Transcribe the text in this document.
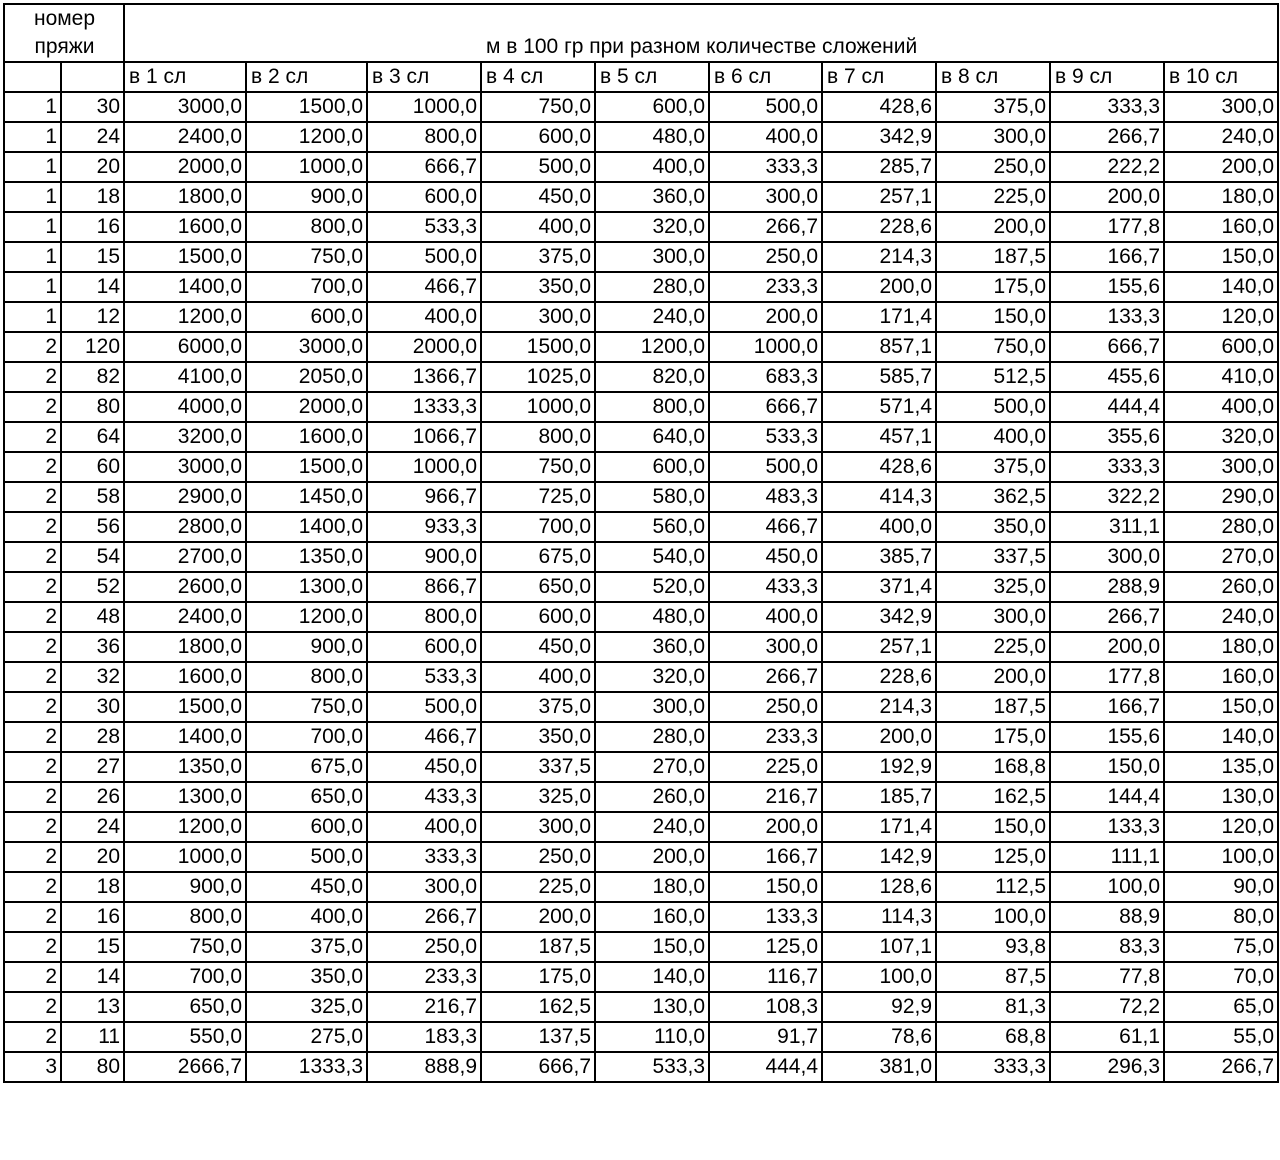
номер
пряжи		м в 100 гр при разном количестве сложений									
		в 1 сл	в 2 сл	в 3 сл	в 4 сл	в 5 сл	в 6 сл	в 7 сл	в 8 сл	в 9 сл	в 10 сл
1	30	3000,0	1500,0	1000,0	750,0	600,0	500,0	428,6	375,0	333,3	300,0
1	24	2400,0	1200,0	800,0	600,0	480,0	400,0	342,9	300,0	266,7	240,0
1	20	2000,0	1000,0	666,7	500,0	400,0	333,3	285,7	250,0	222,2	200,0
1	18	1800,0	900,0	600,0	450,0	360,0	300,0	257,1	225,0	200,0	180,0
1	16	1600,0	800,0	533,3	400,0	320,0	266,7	228,6	200,0	177,8	160,0
1	15	1500,0	750,0	500,0	375,0	300,0	250,0	214,3	187,5	166,7	150,0
1	14	1400,0	700,0	466,7	350,0	280,0	233,3	200,0	175,0	155,6	140,0
1	12	1200,0	600,0	400,0	300,0	240,0	200,0	171,4	150,0	133,3	120,0
2	120	6000,0	3000,0	2000,0	1500,0	1200,0	1000,0	857,1	750,0	666,7	600,0
2	82	4100,0	2050,0	1366,7	1025,0	820,0	683,3	585,7	512,5	455,6	410,0
2	80	4000,0	2000,0	1333,3	1000,0	800,0	666,7	571,4	500,0	444,4	400,0
2	64	3200,0	1600,0	1066,7	800,0	640,0	533,3	457,1	400,0	355,6	320,0
2	60	3000,0	1500,0	1000,0	750,0	600,0	500,0	428,6	375,0	333,3	300,0
2	58	2900,0	1450,0	966,7	725,0	580,0	483,3	414,3	362,5	322,2	290,0
2	56	2800,0	1400,0	933,3	700,0	560,0	466,7	400,0	350,0	311,1	280,0
2	54	2700,0	1350,0	900,0	675,0	540,0	450,0	385,7	337,5	300,0	270,0
2	52	2600,0	1300,0	866,7	650,0	520,0	433,3	371,4	325,0	288,9	260,0
2	48	2400,0	1200,0	800,0	600,0	480,0	400,0	342,9	300,0	266,7	240,0
2	36	1800,0	900,0	600,0	450,0	360,0	300,0	257,1	225,0	200,0	180,0
2	32	1600,0	800,0	533,3	400,0	320,0	266,7	228,6	200,0	177,8	160,0
2	30	1500,0	750,0	500,0	375,0	300,0	250,0	214,3	187,5	166,7	150,0
2	28	1400,0	700,0	466,7	350,0	280,0	233,3	200,0	175,0	155,6	140,0
2	27	1350,0	675,0	450,0	337,5	270,0	225,0	192,9	168,8	150,0	135,0
2	26	1300,0	650,0	433,3	325,0	260,0	216,7	185,7	162,5	144,4	130,0
2	24	1200,0	600,0	400,0	300,0	240,0	200,0	171,4	150,0	133,3	120,0
2	20	1000,0	500,0	333,3	250,0	200,0	166,7	142,9	125,0	111,1	100,0
2	18	900,0	450,0	300,0	225,0	180,0	150,0	128,6	112,5	100,0	90,0
2	16	800,0	400,0	266,7	200,0	160,0	133,3	114,3	100,0	88,9	80,0
2	15	750,0	375,0	250,0	187,5	150,0	125,0	107,1	93,8	83,3	75,0
2	14	700,0	350,0	233,3	175,0	140,0	116,7	100,0	87,5	77,8	70,0
2	13	650,0	325,0	216,7	162,5	130,0	108,3	92,9	81,3	72,2	65,0
2	11	550,0	275,0	183,3	137,5	110,0	91,7	78,6	68,8	61,1	55,0
3	80	2666,7	1333,3	888,9	666,7	533,3	444,4	381,0	333,3	296,3	266,7
